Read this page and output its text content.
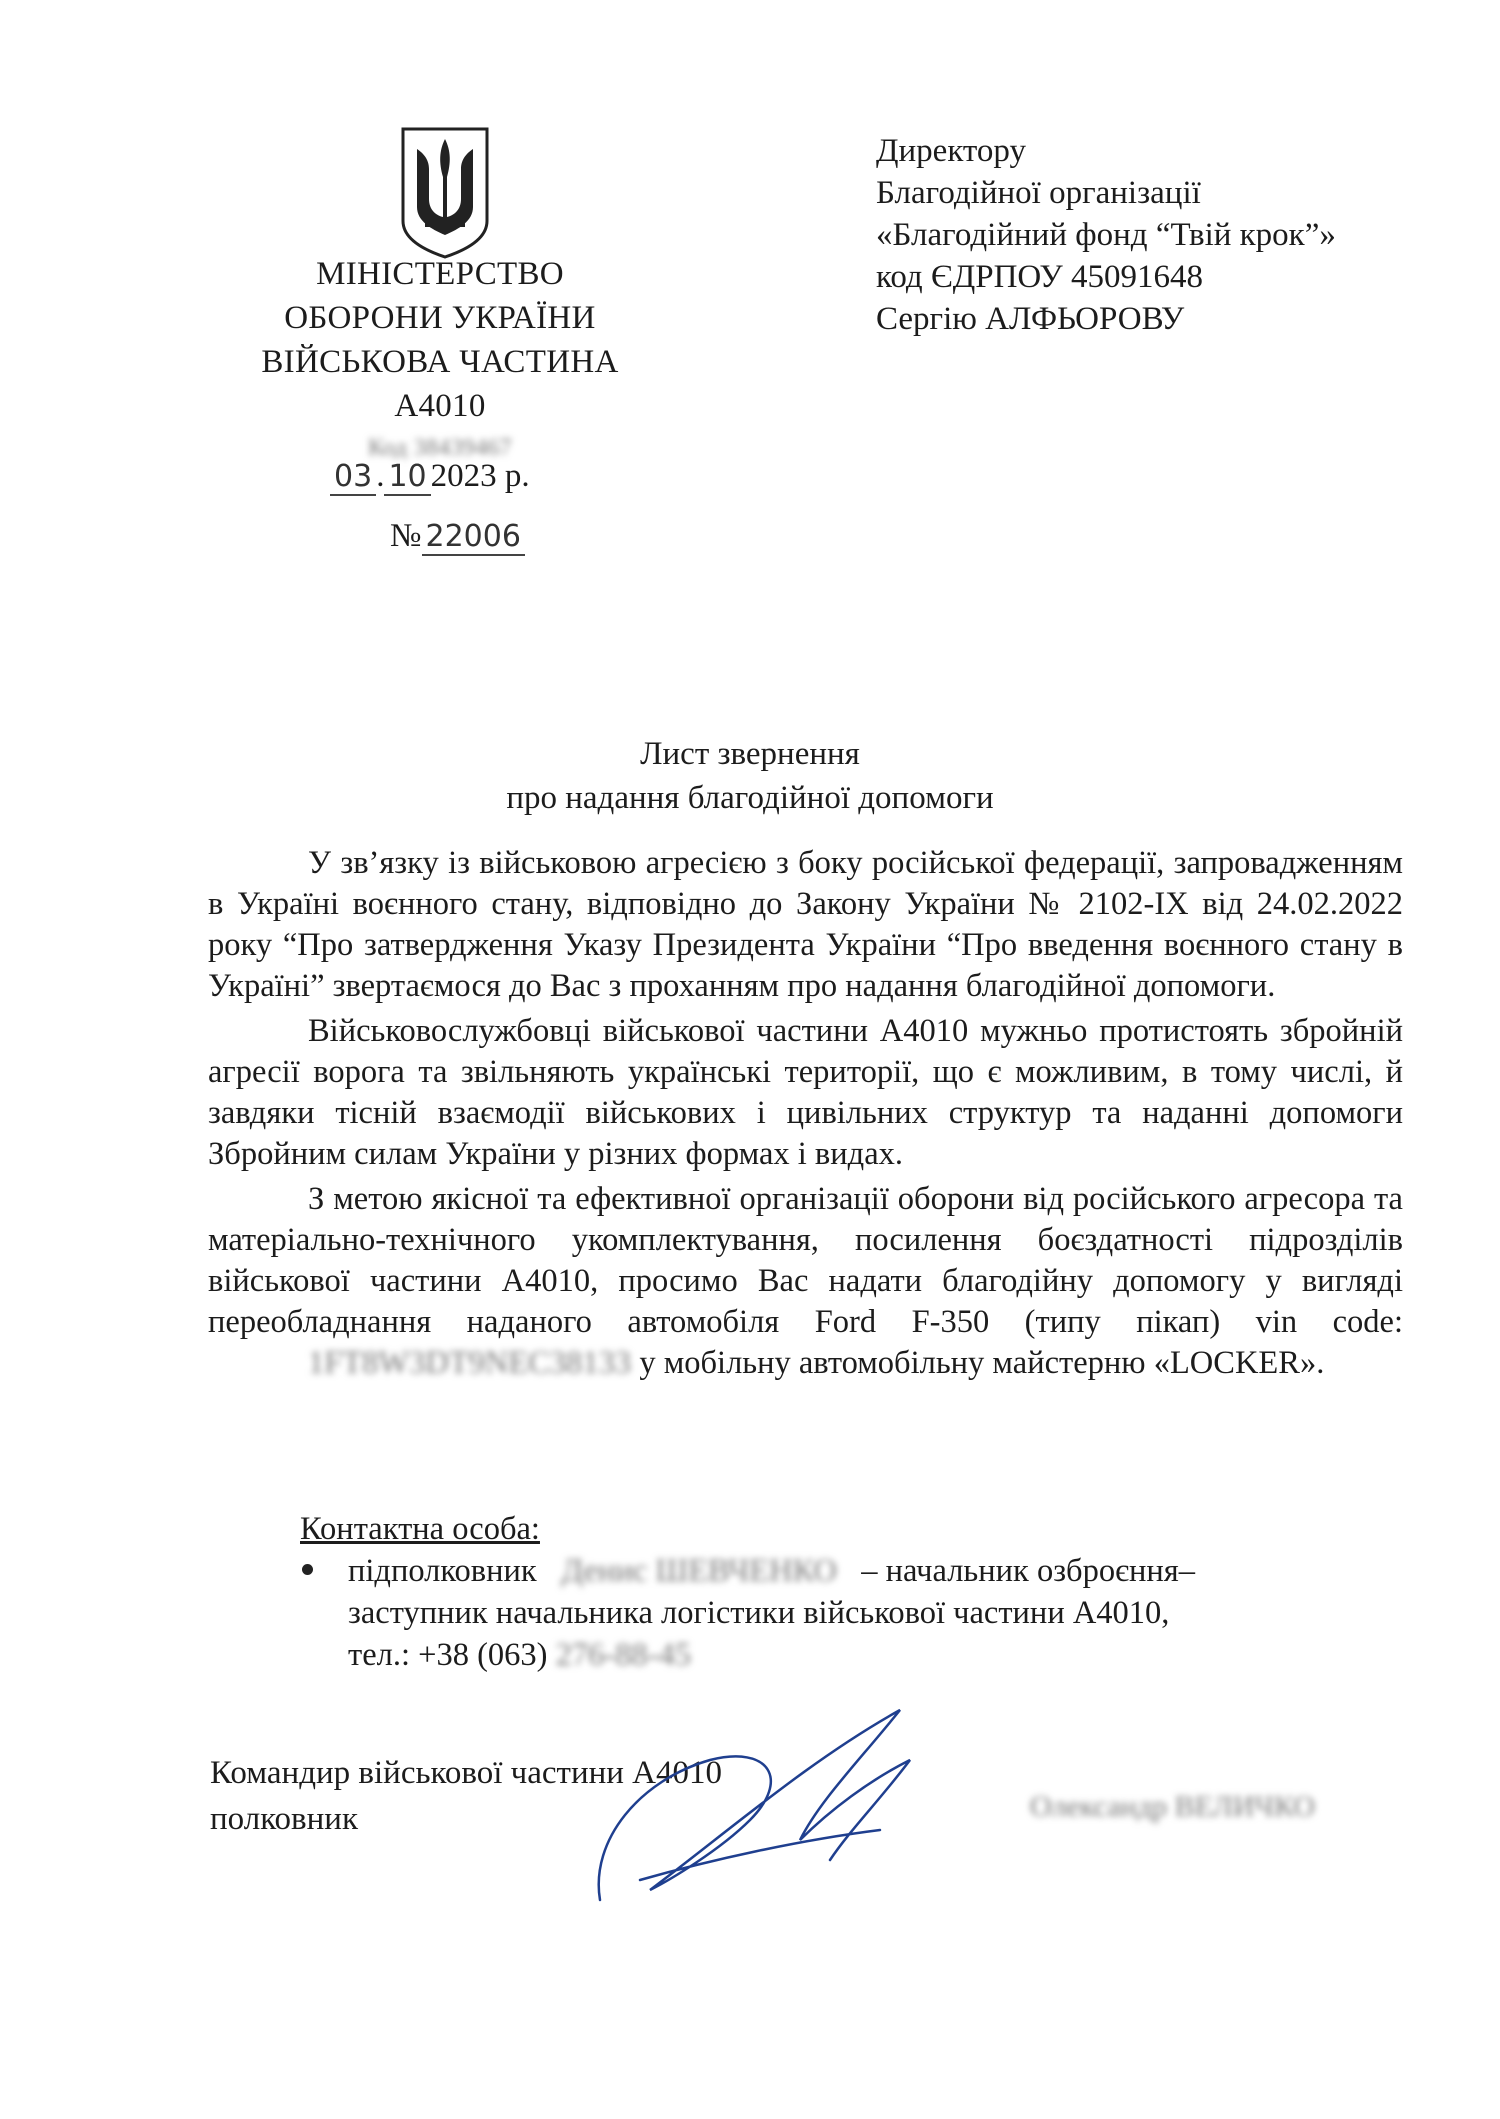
МІНІСТЕРСТВО
ОБОРОНИ УКРАЇНИ
ВІЙСЬКОВА ЧАСТИНА
А4010
Код 38439467
03 . 10 2023 р.
№ 22006
Директору
Благодійної організації
«Благодійний фонд “Твій крок”»
код ЄДРПОУ 45091648
Сергію АЛФЬОРОВУ
Лист звернення
про надання благодійної допомоги

У зв’язку із військовою агресією з боку російської федерації, запровадженням в Україні воєнного стану, відповідно до Закону України № 2102-IX від 24.02.2022 року “Про затвердження Указу Президента України “Про введення воєнного стану в Україні” звертаємося до Вас з проханням про надання благодійної допомоги.

Військовослужбовці військової частини А4010 мужньо протистоять збройній агресії ворога та звільняють українські території, що є можливим, в тому числі, й завдяки тісній взаємодії військових і цивільних структур та наданні допомоги Збройним силам України у різних формах і видах.

З метою якісної та ефективної організації оборони від російського агресора та матеріально-технічного укомплектування, посилення боєздатності підрозділів військової частини А4010, просимо Вас надати благодійну допомогу у вигляді переобладнання наданого автомобіля Ford F-350 (типу пікап) vin code: 1FT8W3DT9NEC38133 у мобільну автомобільну майстерню «LOCKER».

Контактна особа:
підполковник Денис ШЕВЧЕНКО – начальник озброєння–
заступник начальника логістики військової частини А4010,
тел.: +38 (063) 276-88-45
Командир військової частини А4010
полковник	Олександр ВЕЛИЧКО
